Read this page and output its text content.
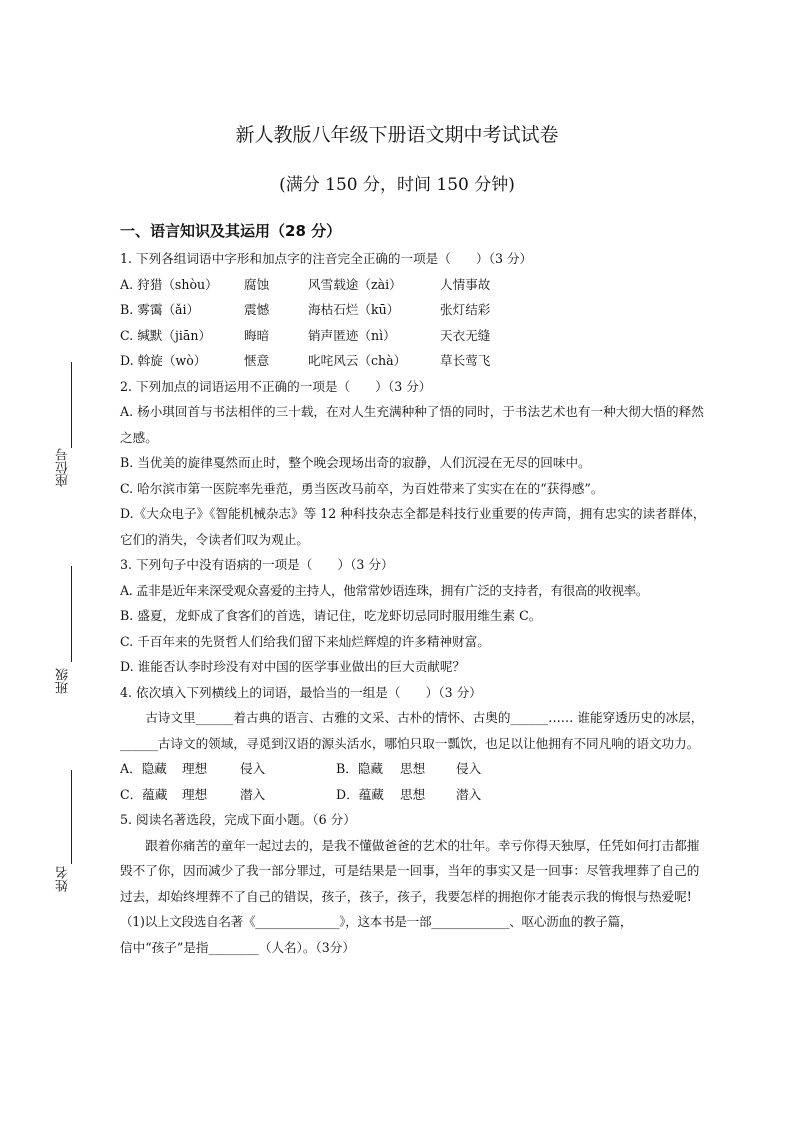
座位号
班级
姓名
新人教版八年级下册语文期中考试试卷
(满分 150 分，时间 150 分钟)
一、语言知识及其运用（28 分）
1. 下列各组词语中字形和加点字的注音完全正确的一项是（　　）（3 分）
A. 狩猎（shòu）	腐蚀	风雪载途（zài）	人情事故
B. 雾霭（ǎi）	震憾	海枯石烂（kū）	张灯结彩
C. 缄默（jiān）	晦暗	销声匿迹（nì）	天衣无缝
D. 斡旋（wò）	惬意	叱咤风云（chà）	草长莺飞
2. 下列加点的词语运用不正确的一项是（　　）（3 分）
A. 杨小琪回首与书法相伴的三十载，在对人生充满种种了悟的同时，于书法艺术也有一种大彻大悟的释然之感。
B. 当优美的旋律戛然而止时，整个晚会现场出奇的寂静，人们沉浸在无尽的回味中。
C. 哈尔滨市第一医院率先垂范，勇当医改马前卒，为百姓带来了实实在在的“获得感”。
D.《大众电子》《智能机械杂志》等 12 种科技杂志全都是科技行业重要的传声筒，拥有忠实的读者群体，它们的消失，令读者们叹为观止。
3. 下列句子中没有语病的一项是（　　）（3 分）
A. 孟非是近年来深受观众喜爱的主持人，他常常妙语连珠，拥有广泛的支持者，有很高的收视率。
B. 盛夏，龙虾成了食客们的首选，请记住，吃龙虾切忌同时服用维生素 C。
C. 千百年来的先贤哲人们给我们留下来灿烂辉煌的许多精神财富。
D. 谁能否认李时珍没有对中国的医学事业做出的巨大贡献呢？
4. 依次填入下列横线上的词语，最恰当的一组是（　　）（3 分）
古诗文里______着古典的语言、古雅的文采、古朴的情怀、古奥的______…… 谁能穿透历史的冰层，______古诗文的领域，寻觅到汉语的源头活水，哪怕只取一瓢饮，也足以让他拥有不同凡响的语文功力。
A．隐藏	理想	侵入	B．隐藏	思想	侵入
C．蕴藏	理想	潜入	D．蕴藏	思想	潜入
5. 阅读名著选段，完成下面小题。（6 分）
跟着你痛苦的童年一起过去的，是我不懂做爸爸的艺术的壮年。幸亏你得天独厚，任凭如何打击都摧毁不了你，因而减少了我一部分罪过，可是结果是一回事，当年的事实又是一回事：尽管我埋葬了自己的过去，却始终埋葬不了自己的错误，孩子，孩子，孩子，我要怎样的拥抱你才能表示我的悔恨与热爱呢!
（1)以上文段选自名著《______________》，这本书是一部_____________、呕心沥血的教子篇，
信中“孩子”是指________（人名）。（3分）
